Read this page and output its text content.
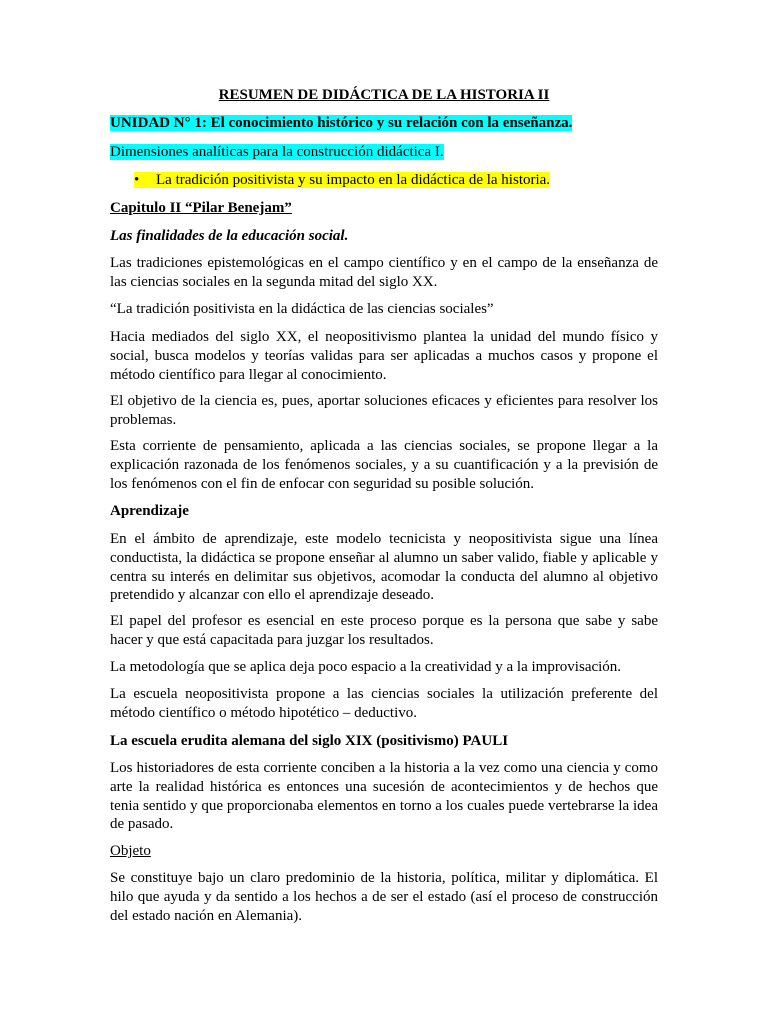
RESUMEN DE DIDÁCTICA DE LA HISTORIA II
UNIDAD N° 1: El conocimiento histórico y su relación con la enseñanza.
Dimensiones analíticas para la construcción didáctica I.
• La tradición positivista y su impacto en la didáctica de la historia.
Capitulo II “Pilar Benejam”
Las finalidades de la educación social.
Las tradiciones epistemológicas en el campo científico y en el campo de la enseñanza de las ciencias sociales en la segunda mitad del siglo XX.
“La tradición positivista en la didáctica de las ciencias sociales”
Hacia mediados del siglo XX, el neopositivismo plantea la unidad del mundo físico y social, busca modelos y teorías validas para ser aplicadas a muchos casos y propone el método científico para llegar al conocimiento.
El objetivo de la ciencia es, pues, aportar soluciones eficaces y eficientes para resolver los problemas.
Esta corriente de pensamiento, aplicada a las ciencias sociales, se propone llegar a la explicación razonada de los fenómenos sociales, y a su cuantificación y a la previsión de los fenómenos con el fin de enfocar con seguridad su posible solución.
Aprendizaje
En el ámbito de aprendizaje, este modelo tecnicista y neopositivista sigue una línea conductista, la didáctica se propone enseñar al alumno un saber valido, fiable y aplicable y centra su interés en delimitar sus objetivos, acomodar la conducta del alumno al objetivo pretendido y alcanzar con ello el aprendizaje deseado.
El papel del profesor es esencial en este proceso porque es la persona que sabe y sabe hacer y que está capacitada para juzgar los resultados.
La metodología que se aplica deja poco espacio a la creatividad y a la improvisación.
La escuela neopositivista propone a las ciencias sociales la utilización preferente del método científico o método hipotético – deductivo.
La escuela erudita alemana del siglo XIX (positivismo) PAULI
Los historiadores de esta corriente conciben a la historia a la vez como una ciencia y como arte la realidad histórica es entonces una sucesión de acontecimientos y de hechos que tenia sentido y que proporcionaba elementos en torno a los cuales puede vertebrarse la idea de pasado.
Objeto
Se constituye bajo un claro predominio de la historia, política, militar y diplomática. El hilo que ayuda y da sentido a los hechos a de ser el estado (así el proceso de construcción del estado nación en Alemania).
